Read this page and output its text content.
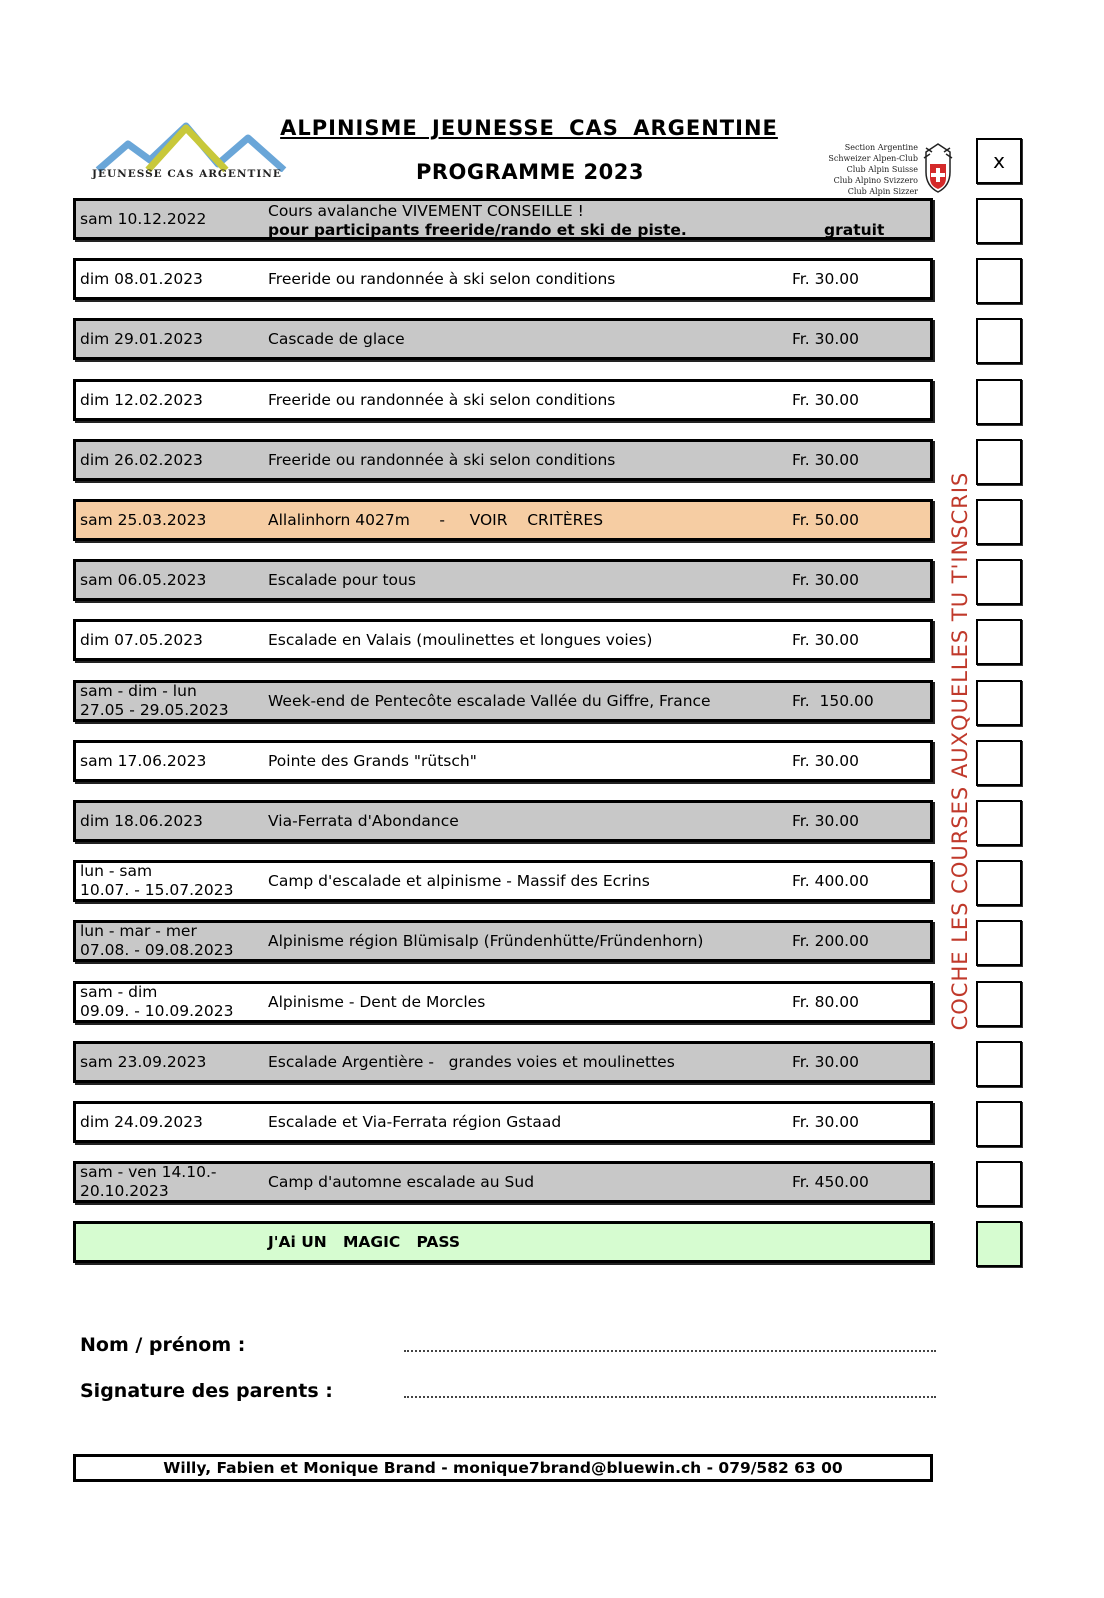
JEUNESSE CAS ARGENTINE
ALPINISME JEUNESSE CAS ARGENTINE
PROGRAMME 2023
Section Argentine
Schweizer Alpen-Club
Club Alpin Suisse
Club Alpino Svizzero
Club Alpin Sizzer
x
sam 10.12.2022	Cours avalanche VIVEMENT CONSEILLE !
pour participants freeride/rando et ski de piste.	gratuit
dim 08.01.2023	Freeride ou randonnée à ski selon conditions	Fr. 30.00
dim 29.01.2023	Cascade de glace	Fr. 30.00
dim 12.02.2023	Freeride ou randonnée à ski selon conditions	Fr. 30.00
dim 26.02.2023	Freeride ou randonnée à ski selon conditions	Fr. 30.00
sam 25.03.2023	Allalinhorn 4027m      -     VOIR    CRITÈRES	Fr. 50.00
sam 06.05.2023	Escalade pour tous	Fr. 30.00
dim 07.05.2023	Escalade en Valais (moulinettes et longues voies)	Fr. 30.00
sam - dim - lun
27.05 - 29.05.2023	Week-end de Pentecôte escalade Vallée du Giffre, France	Fr.  150.00
sam 17.06.2023	Pointe des Grands "rütsch"	Fr. 30.00
dim 18.06.2023	Via-Ferrata d'Abondance	Fr. 30.00
lun - sam
10.07. - 15.07.2023	Camp d'escalade et alpinisme - Massif des Ecrins	Fr. 400.00
lun - mar - mer
07.08. - 09.08.2023	Alpinisme région Blümisalp (Fründenhütte/Fründenhorn)	Fr. 200.00
sam - dim
09.09. - 10.09.2023	Alpinisme - Dent de Morcles	Fr. 80.00
sam 23.09.2023	Escalade Argentière -   grandes voies et moulinettes	Fr. 30.00
dim 24.09.2023	Escalade et Via-Ferrata région Gstaad	Fr. 30.00
sam - ven 14.10.-
20.10.2023	Camp d'automne escalade au Sud	Fr. 450.00
J'Ai UN   MAGIC   PASS
COCHE LES COURSES AUXQUELLES TU T'INSCRIS
Nom / prénom :
Signature des parents :
Willy, Fabien et Monique Brand - monique7brand@bluewin.ch - 079/582 63 00
